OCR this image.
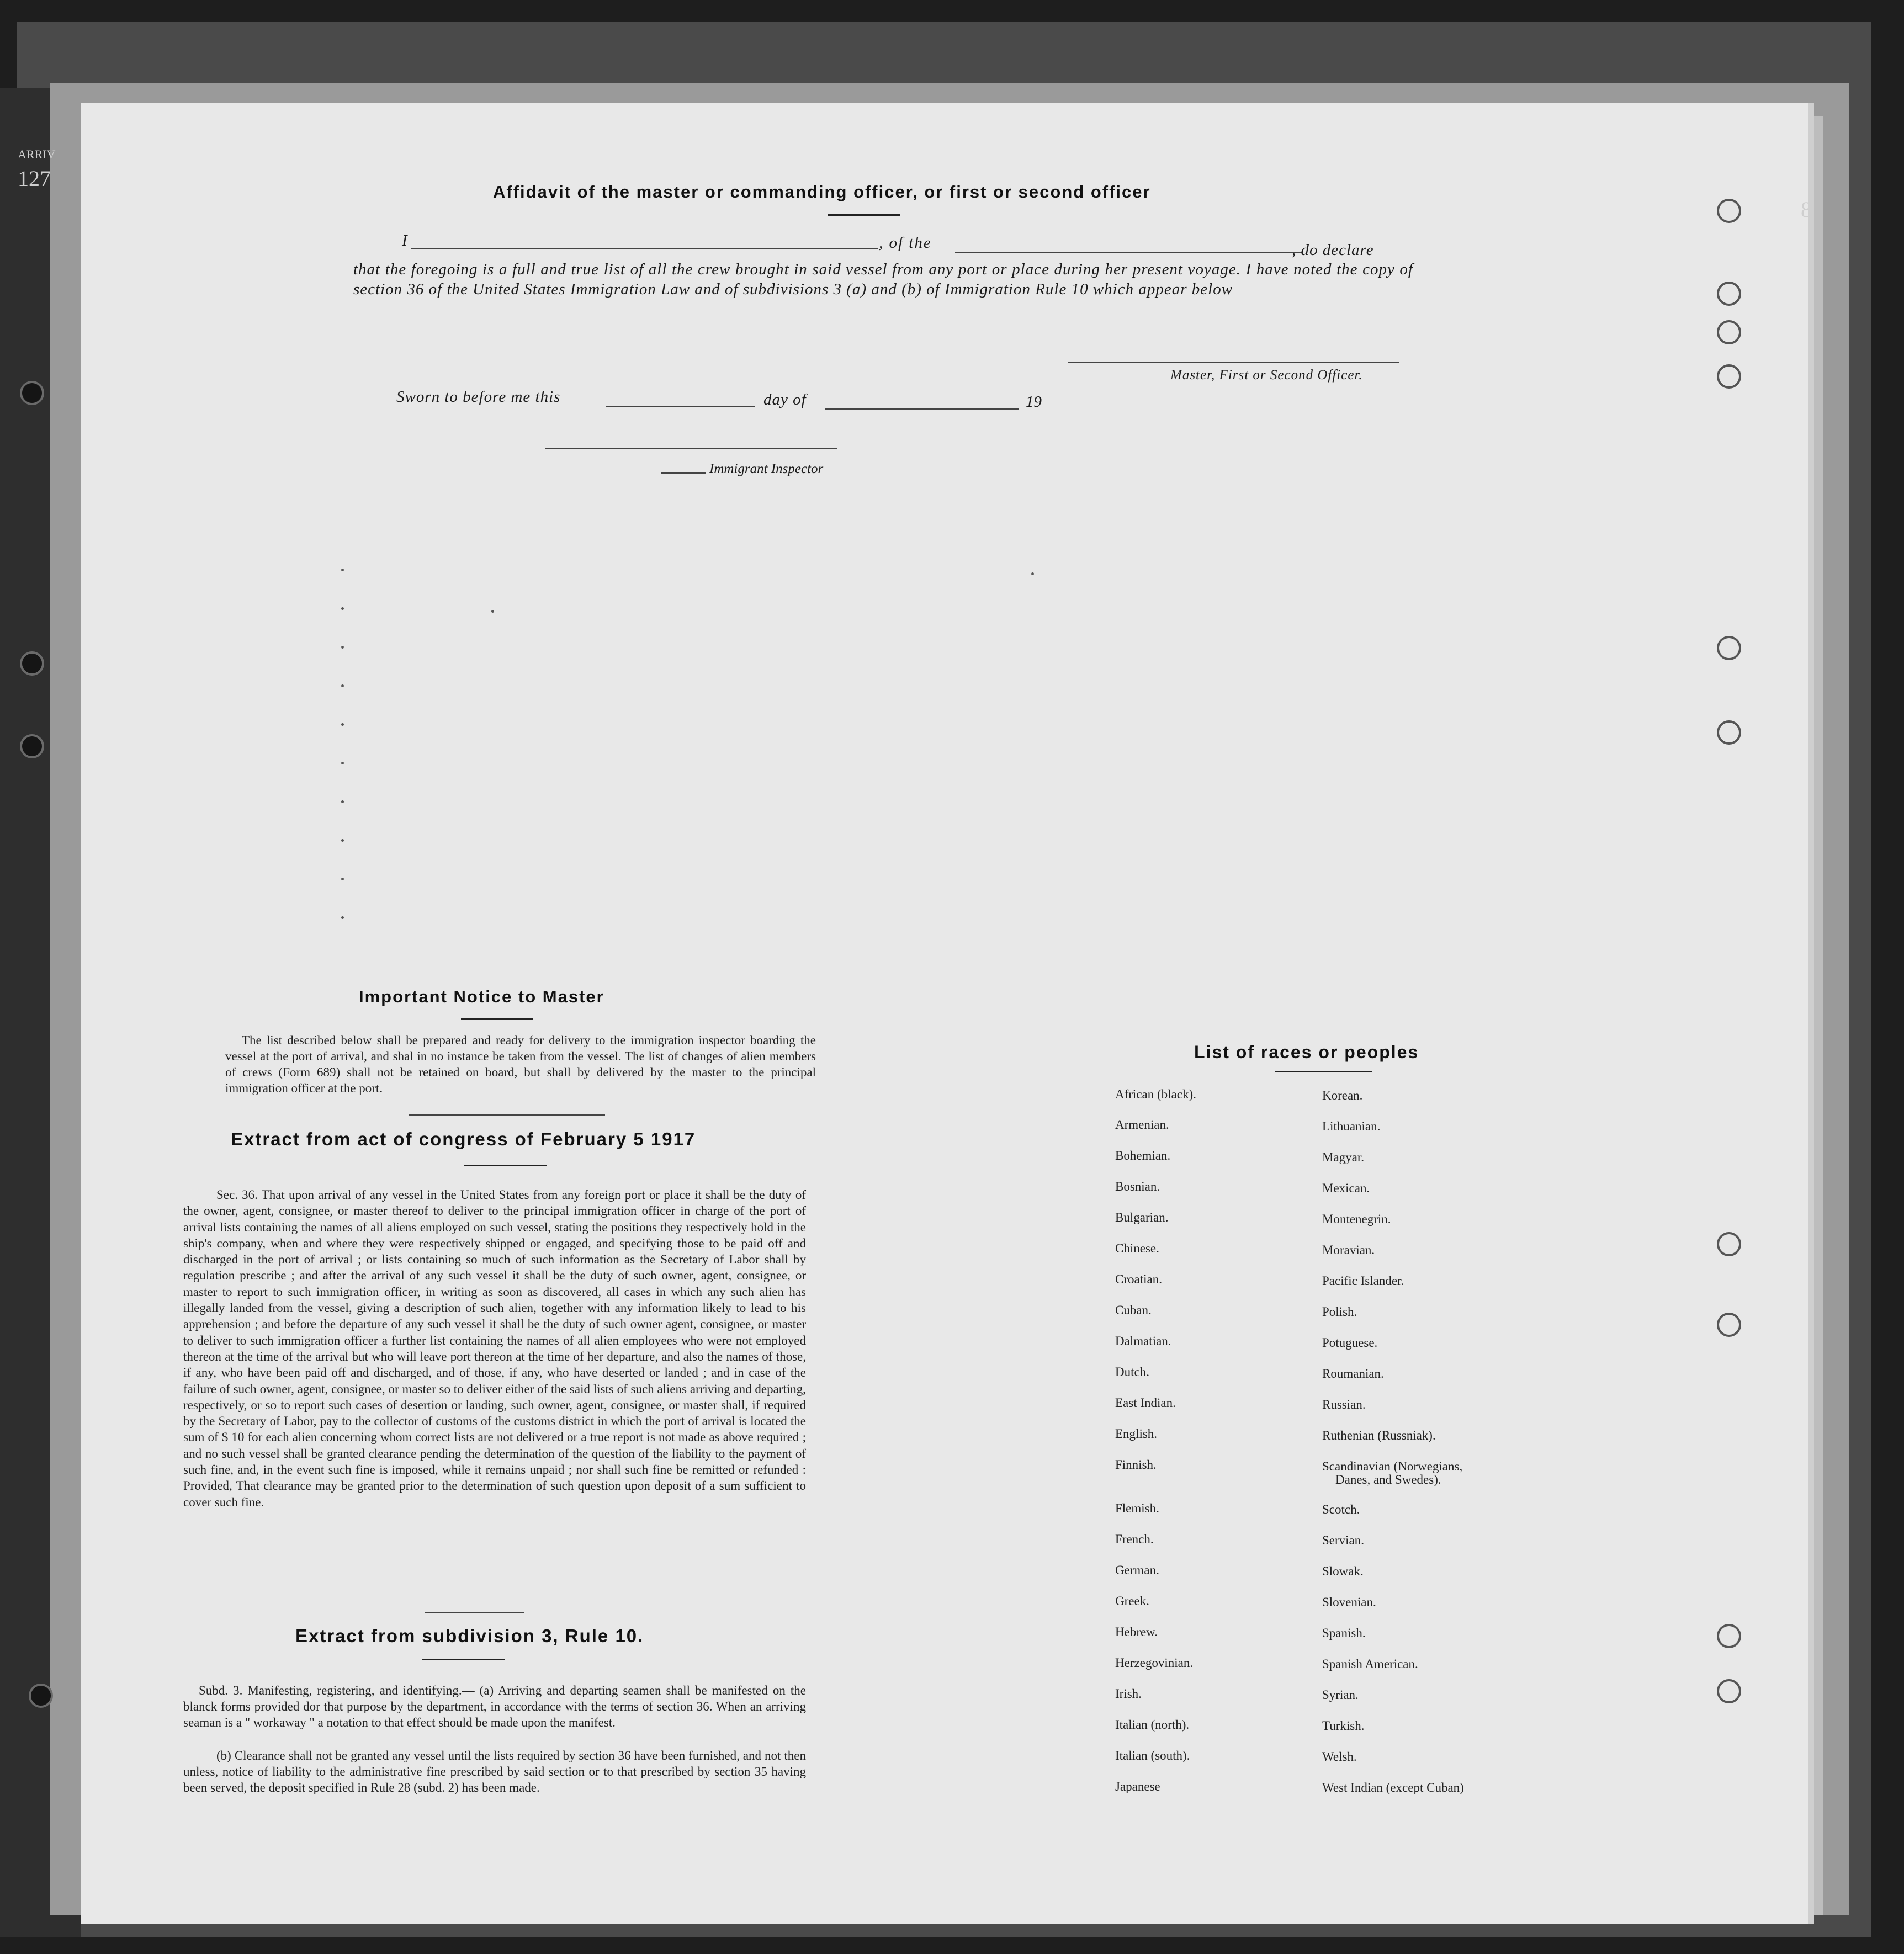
ARRIV
127
8
Affidavit of the master or commanding officer, or first or second officer
I	, of the	, do declare
that the foregoing is a full and true list of all the crew brought in said vessel from any port or place during her present voyage. I have noted the copy of section 36 of the United States Immigration Law and of subdivisions 3 (a) and (b) of Immigration Rule 10 which appear below
Master, First or Second Officer.
Sworn to before me this	day of	19
Immigrant Inspector
Important Notice to Master
The list described below shall be prepared and ready for delivery to the immigration inspector boarding the vessel at the port of arrival, and shal in no instance be taken from the vessel. The list of changes of alien members of crews (Form 689) shall not be retained on board, but shall by delivered by the master to the principal immigration officer at the port.
Extract from act of congress of February 5 1917
Sec. 36. That upon arrival of any vessel in the United States from any foreign port or place it shall be the duty of the owner, agent, consignee, or master thereof to deliver to the principal immigration officer in charge of the port of arrival lists containing the names of all aliens employed on such vessel, stating the positions they respectively hold in the ship's company, when and where they were respectively shipped or engaged, and specifying those to be paid off and discharged in the port of arrival ; or lists containing so much of such information as the Secretary of Labor shall by regulation prescribe ; and after the arrival of any such vessel it shall be the duty of such owner, agent, consignee, or master to report to such immigration officer, in writing as soon as discovered, all cases in which any such alien has illegally landed from the vessel, giving a description of such alien, together with any information likely to lead to his apprehension ; and before the departure of any such vessel it shall be the duty of such owner agent, consignee, or master to deliver to such immigration officer a further list containing the names of all alien employees who were not employed thereon at the time of the arrival but who will leave port thereon at the time of her departure, and also the names of those, if any, who have been paid off and discharged, and of those, if any, who have deserted or landed ; and in case of the failure of such owner, agent, consignee, or master so to deliver either of the said lists of such aliens arriving and departing, respectively, or so to report such cases of desertion or landing, such owner, agent, consignee, or master shall, if required by the Secretary of Labor, pay to the collector of customs of the customs district in which the port of arrival is located the sum of $ 10 for each alien concerning whom correct lists are not delivered or a true report is not made as above required ; and no such vessel shall be granted clearance pending the determination of the question of the liability to the payment of such fine, and, in the event such fine is imposed, while it remains unpaid ; nor shall such fine be remitted or refunded : Provided, That clearance may be granted prior to the determination of such question upon deposit of a sum sufficient to cover such fine.
Extract from subdivision 3, Rule 10.
Subd. 3. Manifesting, registering, and identifying.— (a) Arriving and departing seamen shall be manifested on the blanck forms provided dor that purpose by the department, in accordance with the terms of section 36. When an arriving seaman is a " workaway " a notation to that effect should be made upon the manifest.
(b) Clearance shall not be granted any vessel until the lists required by section 36 have been furnished, and not then unless, notice of liability to the administrative fine prescribed by said section or to that prescribed by section 35 having been served, the deposit specified in Rule 28 (subd. 2) has been made.
List of races or peoples
African (black).
Armenian.
Bohemian.
Bosnian.
Bulgarian.
Chinese.
Croatian.
Cuban.
Dalmatian.
Dutch.
East Indian.
English.
Finnish.
Flemish.
French.
German.
Greek.
Hebrew.
Herzegovinian.
Irish.
Italian (north).
Italian (south).
Japanese
Korean.
Lithuanian.
Magyar.
Mexican.
Montenegrin.
Moravian.
Pacific Islander.
Polish.
Potuguese.
Roumanian.
Russian.
Ruthenian (Russniak).
Scandinavian (Norwegians,
Danes, and Swedes).
Scotch.
Servian.
Slowak.
Slovenian.
Spanish.
Spanish American.
Syrian.
Turkish.
Welsh.
West Indian (except Cuban)
